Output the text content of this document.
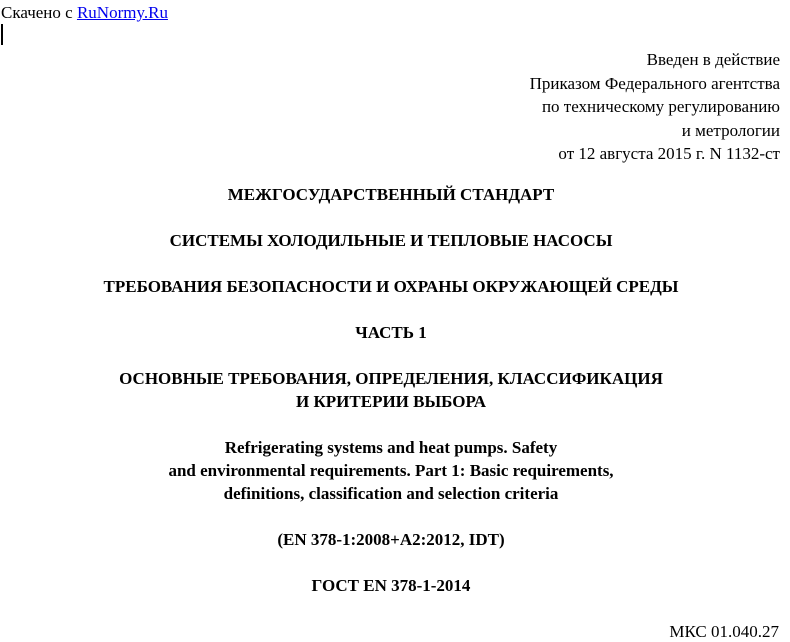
Скачено с RuNormy.Ru
Введен в действие
Приказом Федерального агентства
по техническому регулированию
и метрологии
от 12 августа 2015 г. N 1132-ст
МЕЖГОСУДАРСТВЕННЫЙ СТАНДАРТ
СИСТЕМЫ ХОЛОДИЛЬНЫЕ И ТЕПЛОВЫЕ НАСОСЫ
ТРЕБОВАНИЯ БЕЗОПАСНОСТИ И ОХРАНЫ ОКРУЖАЮЩЕЙ СРЕДЫ
ЧАСТЬ 1
ОСНОВНЫЕ ТРЕБОВАНИЯ, ОПРЕДЕЛЕНИЯ, КЛАССИФИКАЦИЯ
И КРИТЕРИИ ВЫБОРА
Refrigerating systems and heat pumps. Safety
and environmental requirements. Part 1: Basic requirements,
definitions, classification and selection criteria
(EN 378-1:2008+A2:2012, IDT)
ГОСТ EN 378-1-2014
МКС 01.040.27
